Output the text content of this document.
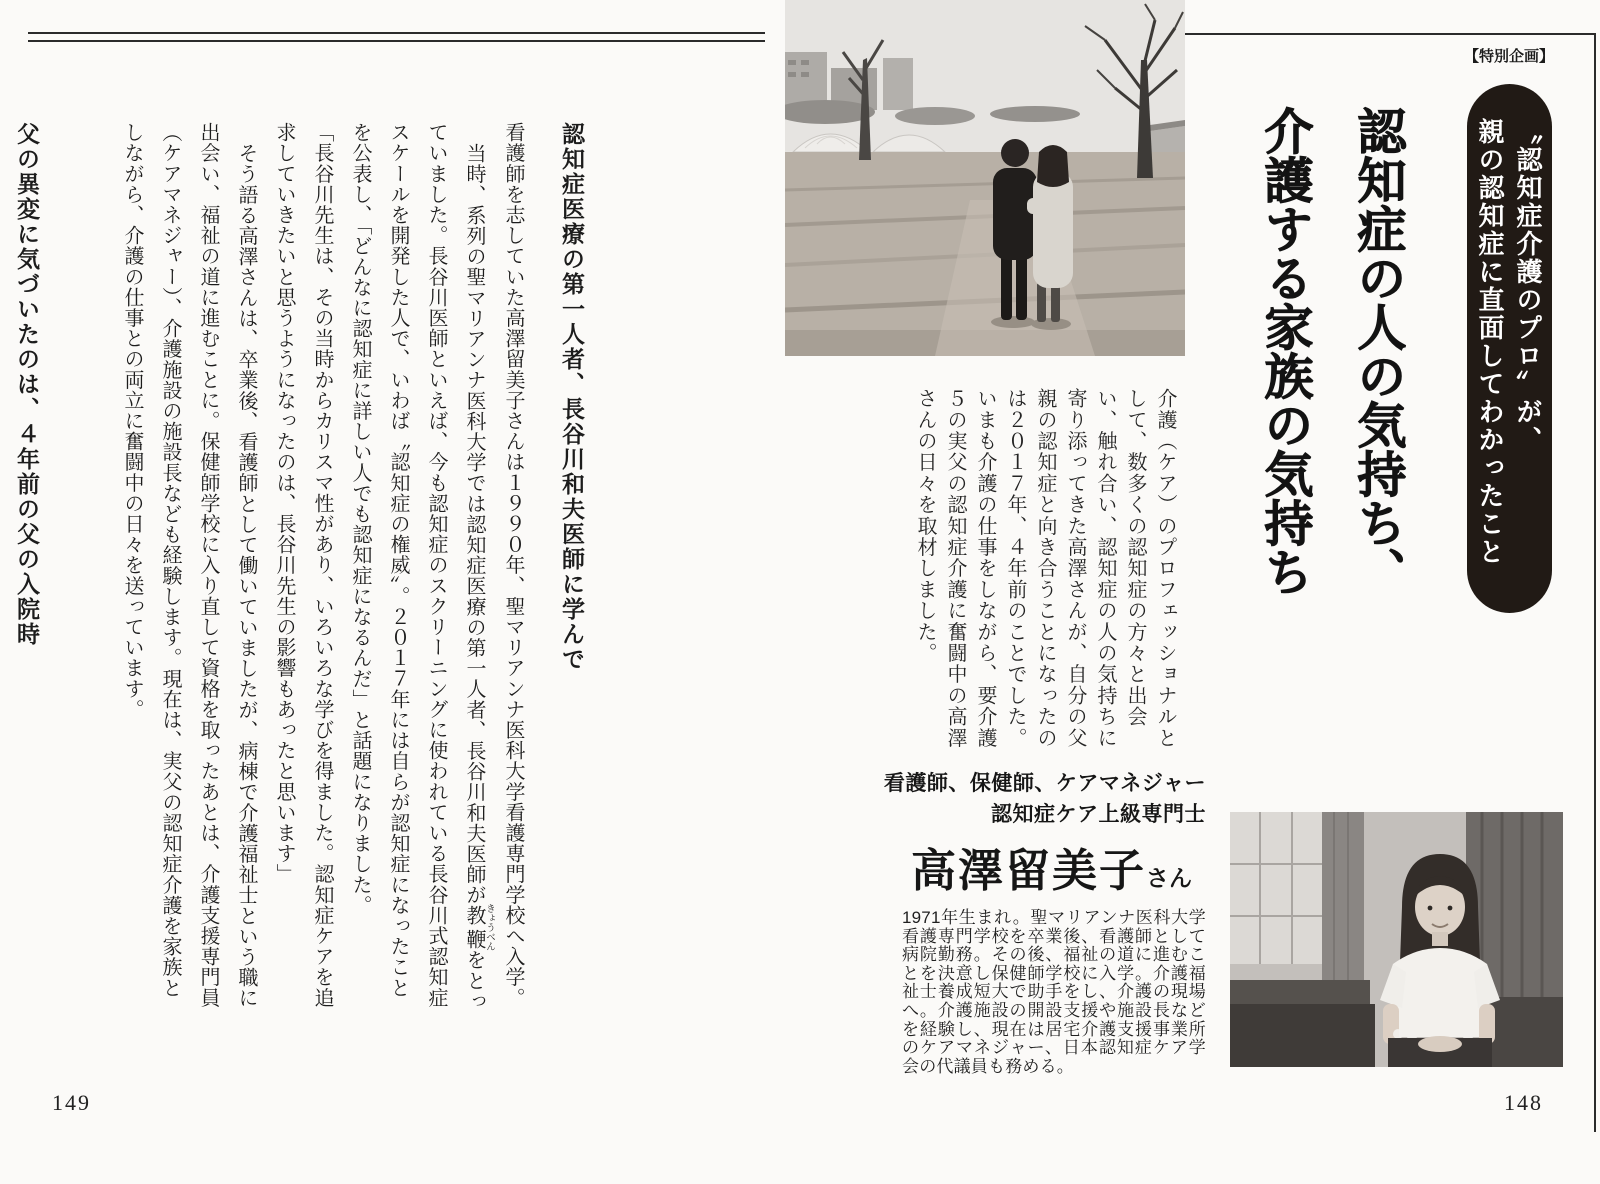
認知症医療の第一人者、長谷川和夫医師に学んで

看護師を志していた高澤留美子さんは１９９０年、聖マリアンナ医科大学看護専門学校へ入学。

当時、系列の聖マリアンナ医科大学では認知症医療の第一人者、長谷川和夫医師が教鞭 きょうべんをとっていました。長谷川医師といえば、今も認知症のスクリーニングに使われている長谷川式認知症スケールを開発した人で、いわば〝認知症の権威〟。２０１７年には自らが認知症になったことを公表し、「どんなに認知症に詳しい人でも認知症になるんだ」と話題になりました。

「長谷川先生は、その当時からカリスマ性があり、いろいろな学びを得ました。認知症ケアを追求していきたいと思うようになったのは、長谷川先生の影響もあったと思います」

そう語る高澤さんは、卒業後、看護師として働いていましたが、病棟で介護福祉士という職に出会い、福祉の道に進むことに。保健師学校に入り直して資格を取ったあとは、介護支援専門員（ケアマネジャー）、介護施設の施設長なども経験します。現在は、実父の認知症介護を家族としながら、介護の仕事との両立に奮闘中の日々を送っています。

父の異変に気づいたのは、４年前の父の入院時

149
【特別企画】
〝認知症介護のプロ〟が、
親の認知症に直面してわかったこと
認知症の人の気持ち、
介護する家族の気持ち

介護（ケア）のプロフェッショナルとして、数多くの認知症の方々と出会い、触れ合い、認知症の人の気持ちに寄り添ってきた高澤さんが、自分の父親の認知症と向き合うことになったのは２０１７年、４年前のことでした。

いまも介護の仕事をしながら、要介護５の実父の認知症介護に奮闘中の高澤さんの日々を取材しました。

看護師、保健師、ケアマネジャー
認知症ケア上級専門士
高澤留美子さん
1971年生まれ。聖マリアンナ医科大学看護専門学校を卒業後、看護師として病院勤務。その後、福祉の道に進むことを決意し保健師学校に入学。介護福祉士養成短大で助手をし、介護の現場へ。介護施設の開設支援や施設長などを経験し、現在は居宅介護支援事業所のケアマネジャー、日本認知症ケア学会の代議員も務める。
148
